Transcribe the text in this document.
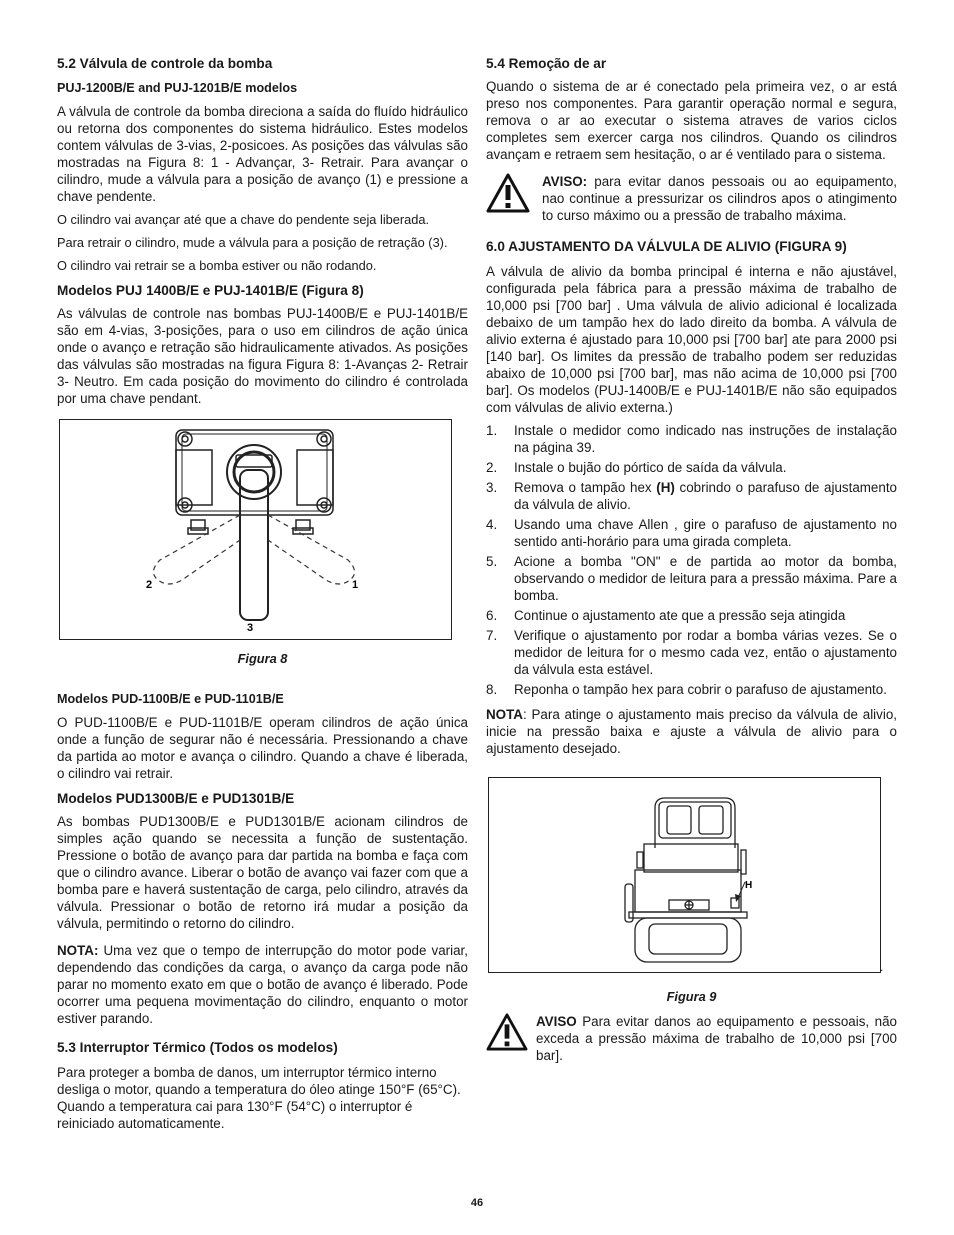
5.2 Válvula de controle da bomba
PUJ-1200B/E and PUJ-1201B/E modelos

A válvula de controle da bomba direciona a saída do fluído hidráulico ou retorna dos componentes do sistema hidráulico. Estes modelos contem válvulas de 3-vias, 2-posicoes. As posições das válvulas são mostradas na Figura 8: 1 - Advançar, 3- Retrair. Para avançar o cilindro, mude a válvula para a posição de avanço (1) e pressione a chave pendente.

O cilindro vai avançar até que a chave do pendente seja liberada.

Para retrair o cilindro, mude a válvula para a posição de retração (3).

O cilindro vai retrair se a bomba estiver ou não rodando.

Modelos PUJ 1400B/E e PUJ-1401B/E (Figura 8)

As válvulas de controle nas bombas PUJ-1400B/E e PUJ-1401B/E são em 4-vias, 3-posições, para o uso em cilindros de ação única onde o avanço e retração são hidraulicamente ativados. As posições das válvulas são mostradas na figura Figura 8: 1-Avanças 2- Retrair 3- Neutro. Em cada posição do movimento do cilindro é controlada por uma chave pendant.

2	1
3
Figura 8
Modelos PUD-1100B/E e PUD-1101B/E

O PUD-1100B/E e PUD-1101B/E operam cilindros de ação única onde a função de segurar não é necessária. Pressionando a chave da partida ao motor e avança o cilindro. Quando a chave é liberada, o cilindro vai retrair.

Modelos PUD1300B/E e PUD1301B/E

As bombas PUD1300B/E e PUD1301B/E acionam cilindros de simples ação quando se necessita a função de sustentação. Pressione o botão de avanço para dar partida na bomba e faça com que o cilindro avance. Liberar o botão de avanço vai fazer com que a bomba pare e haverá sustentação de carga, pelo cilindro, através da válvula. Pressionar o botão de retorno irá mudar a posição da válvula, permitindo o retorno do cilindro.

NOTA: Uma vez que o tempo de interrupção do motor pode variar, dependendo das condições da carga, o avanço da carga pode não parar no momento exato em que o botão de avanço é liberado. Pode ocorrer uma pequena movimentação do cilindro, enquanto o motor estiver parando.

5.3 Interruptor Térmico (Todos os modelos)

Para proteger a bomba de danos, um interruptor térmico interno desliga o motor, quando a temperatura do óleo atinge 150°F (65°C). Quando a temperatura cai para 130°F (54°C) o interruptor é reiniciado automaticamente.

5.4 Remoção de ar

Quando o sistema de ar é conectado pela primeira vez, o ar está preso nos componentes. Para garantir operação normal e segura, remova o ar ao executar o sistema atraves de varios ciclos completes sem exercer carga nos cilindros. Quando os cilindros avançam e retraem sem hesitação, o ar é ventilado para o sistema.

AVISO: para evitar danos pessoais ou ao equipamento, nao continue a pressurizar os cilindros apos o atingimento to curso máximo ou a pressão de trabalho máxima.
6.0 AJUSTAMENTO DA VÁLVULA DE ALIVIO (FIGURA 9)

A válvula de alivio da bomba principal é interna e não ajustável, configurada pela fábrica para a pressão máxima de trabalho de 10,000 psi [700 bar] . Uma válvula de alivio adicional é localizada debaixo de um tampão hex do lado direito da bomba. A válvula de alivio externa é ajustado para 10,000 psi [700 bar] ate para 2000 psi [140 bar]. Os limites da pressão de trabalho podem ser reduzidas abaixo de 10,000 psi [700 bar], mas não acima de 10,000 psi [700 bar]. Os modelos (PUJ-1400B/E e PUJ-1401B/E não são equipados com válvulas de alivio externa.)

1.	Instale o medidor como indicado nas instruções de instalação na página 39.
2.	Instale o bujão do pórtico de saída da válvula.
3.	Remova o tampão hex (H) cobrindo o parafuso de ajustamento da válvula de alivio.
4.	Usando uma chave Allen , gire o parafuso de ajustamento no sentido anti-horário para uma girada completa.
5.	Acione a bomba "ON" e de partida ao motor da bomba, observando o medidor de leitura para a pressão máxima. Pare a bomba.
6.	Continue o ajustamento ate que a pressão seja atingida
7.	Verifique o ajustamento por rodar a bomba várias vezes. Se o medidor de leitura for o mesmo cada vez, então o ajustamento da válvula esta estável.
8.	Reponha o tampão hex para cobrir o parafuso de ajustamento.

NOTA: Para atinge o ajustamento mais preciso da válvula de alivio, inicie na pressão baixa e ajuste a válvula de alivio para o ajustamento desejado.

H
.
Figura 9
AVISO Para evitar danos ao equipamento e pessoais, não exceda a pressão máxima de trabalho de 10,000 psi [700 bar].
46
